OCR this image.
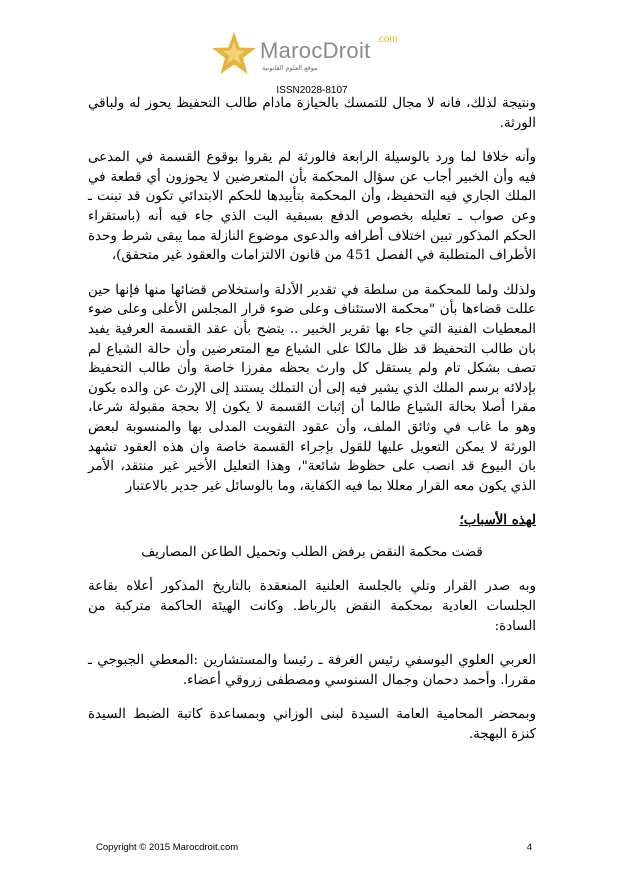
MarocDroit .com
موقع العلوم القانونية
ISSN2028-8107

ونتيجة لذلك، فانه لا مجال للتمسك بالحيازة مادام طالب التحفيظ يحوز له ولباقي الورثة.

وأنه خلافا لما ورد بالوسيلة الرابعة فالورثة لم يقروا بوقوع القسمة في المدعى فيه وأن الخبير أجاب عن سؤال المحكمة بأن المتعرضين لا يحوزون أي قطعة في الملك الجاري فيه التحفيظ، وأن المحكمة بتأييدها للحكم الابتدائي تكون قد تبنت ـ وعن صواب ـ تعليله بخصوص الدفع بسبقية البت الذي جاء فيه أنه (باستقراء الحكم المذكور تبين اختلاف أطرافه والدعوى موضوع النازلة مما يبقى شرط وحدة الأطراف المتطلبة في الفصل 451 من قانون الالتزامات والعقود غير متحقق)،

ولذلك ولما للمحكمة من سلطة في تقدير الأدلة واستخلاص قضائها منها فإنها حين عللت قضاءها بأن "محكمة الاستئناف وعلى ضوء قرار المجلس الأعلى وعلى ضوء المعطيات الفنية التي جاء بها تقرير الخبير .. يتضح بأن عقد القسمة العرفية يفيد بان طالب التحفيظ قد ظل مالكا على الشياع مع المتعرضين وأن حالة الشياع لم تصف بشكل تام ولم يستقل كل وارث بحظه مفرزا خاصة وأن طالب التحفيظ بإدلائه برسم الملك الذي يشير فيه إلى أن التملك يستند إلى الإرث عن والده يكون مقرا أصلا بحالة الشياع طالما أن إثبات القسمة لا يكون إلا بحجة مقبولة شرعا، وهو ما غاب في وثائق الملف، وأن عقود التفويت المدلى بها والمنسوبة لبعض الورثة لا يمكن التعويل عليها للقول بإجراء القسمة خاصة وان هذه العقود تشهد بان البيوع قد انصب على حظوظ شائعة"، وهذا التعليل الأخير غير منتقد، الأمر الذي يكون معه القرار معللا بما فيه الكفاية، وما بالوسائل غير جدير بالاعتبار

لهذه الأسباب؛

قضت محكمة النقض برفض الطلب وتحميل الطاعن المصاريف

وبه صدر القرار وتلي بالجلسة العلنية المنعقدة بالتاريخ المذكور أعلاه بقاعة الجلسات العادية بمحكمة النقض بالرباط. وكانت الهيئة الحاكمة متركبة من السادة:

العربي العلوي اليوسفي رئيس الغرفة ـ رئيسا والمستشارين :المعطي الجبوجي ـ مقررا. وأحمد دحمان وجمال السنوسي ومصطفى زروقي أعضاء.

وبمحضر المحامية العامة السيدة لبنى الوزاني وبمساعدة كاتبة الضبط السيدة كنزة البهجة.

Copyright © 2015 Marocdroit.com	4
